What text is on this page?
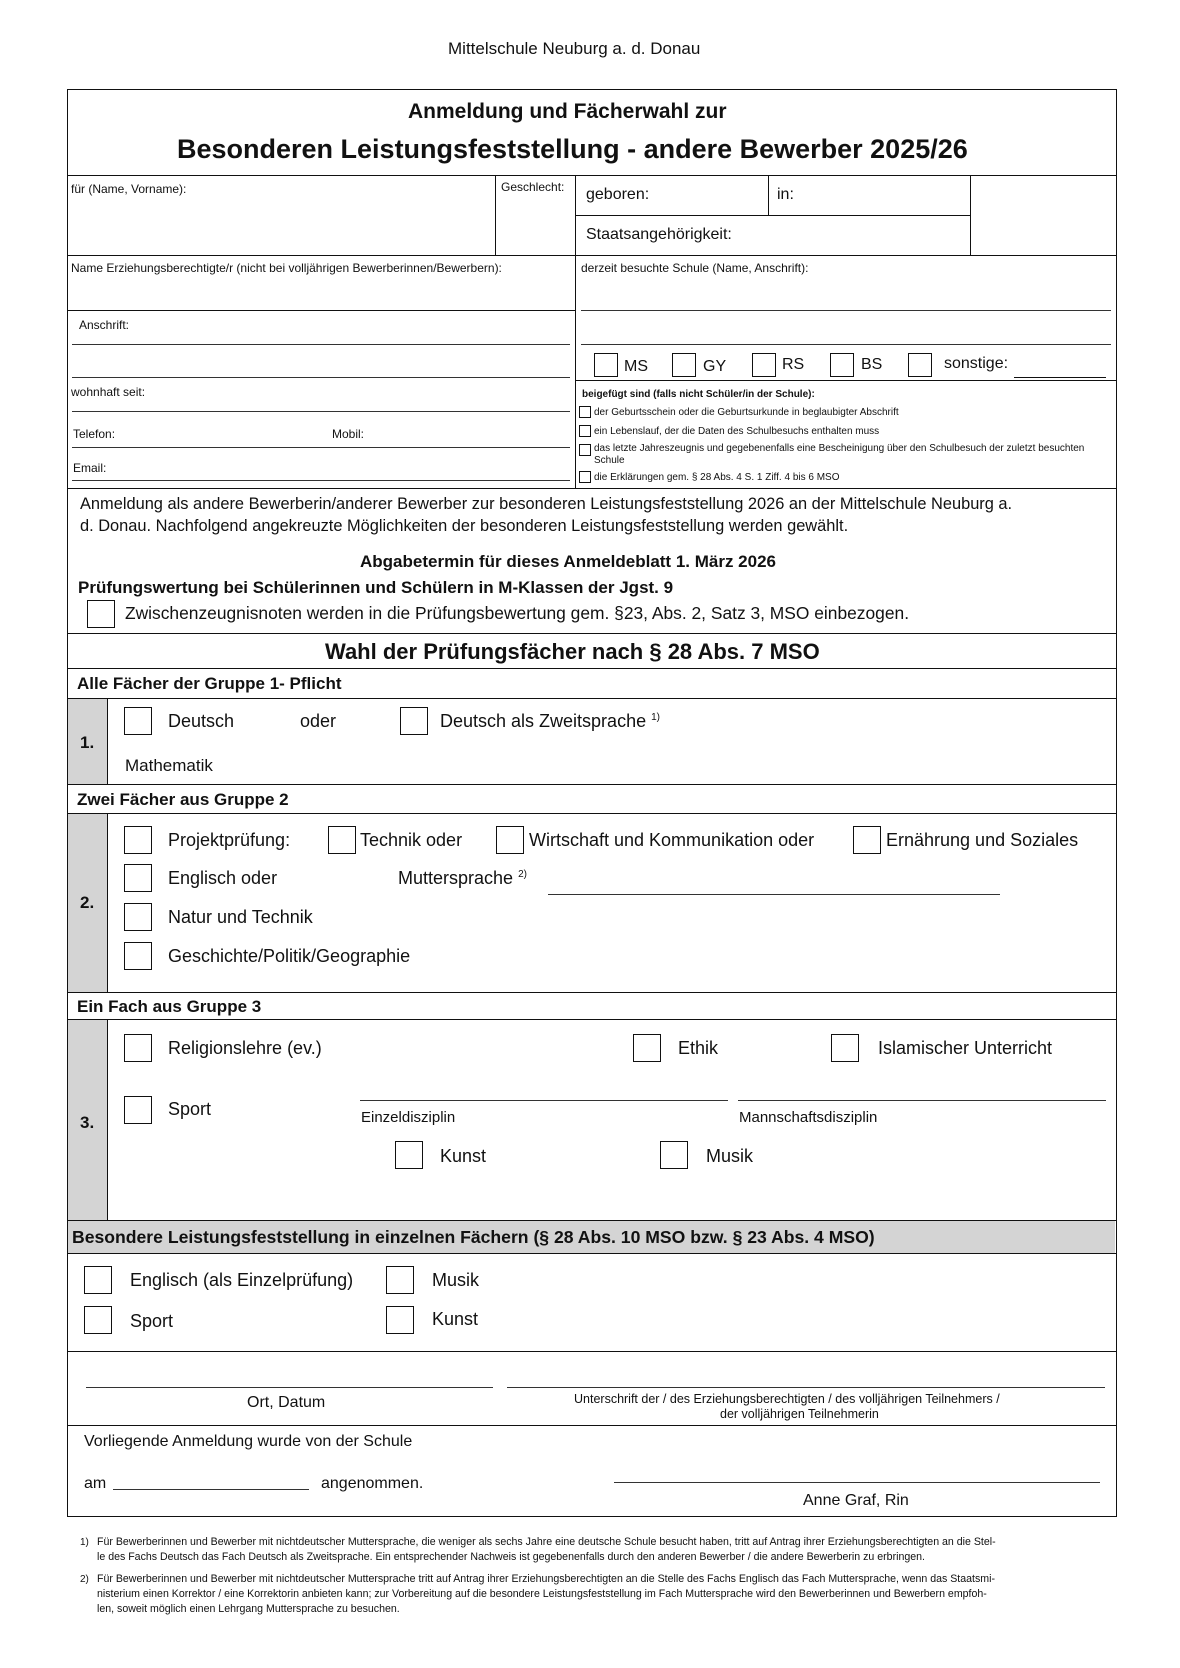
Mittelschule Neuburg a. d. Donau
Anmeldung und Fächerwahl zur
Besonderen Leistungsfeststellung - andere Bewerber 2025/26
für (Name, Vorname):	Geschlecht: geboren:	in:
Staatsangehörigkeit:
Name Erziehungsberechtigte/r (nicht bei volljährigen Bewerberinnen/Bewerbern):
Anschrift:
wohnhaft seit:
Telefon:	Mobil:
Email:
derzeit besuchte Schule (Name, Anschrift):
MS	GY	RS	BS	sonstige:
beigefügt sind (falls nicht Schüler/in der Schule):
der Geburtsschein oder die Geburtsurkunde in beglaubigter Abschrift
ein Lebenslauf, der die Daten des Schulbesuchs enthalten muss
das letzte Jahreszeugnis und gegebenenfalls eine Bescheinigung über den Schulbesuch der zuletzt besuchten
Schule
die Erklärungen gem. § 28 Abs. 4 S. 1 Ziff. 4 bis 6 MSO
Anmeldung als andere Bewerberin/anderer Bewerber zur besonderen Leistungsfeststellung 2026 an der Mittelschule Neuburg a.
d. Donau. Nachfolgend angekreuzte Möglichkeiten der besonderen Leistungsfeststellung werden gewählt.
Abgabetermin für dieses Anmeldeblatt 1. März 2026
Prüfungswertung bei Schülerinnen und Schülern in M-Klassen der Jgst. 9
Zwischenzeugnisnoten werden in die Prüfungsbewertung gem. §23, Abs. 2, Satz 3, MSO einbezogen.
Wahl der Prüfungsfächer nach § 28 Abs. 7 MSO
Alle Fächer der Gruppe 1- Pflicht
1.
Deutsch	oder	Deutsch als Zweitsprache $^{1)}$
Mathematik
Zwei Fächer aus Gruppe 2
2.
Projektprüfung:	Technik oder	Wirtschaft und Kommunikation oder	Ernährung und Soziales
Englisch oder	Muttersprache $^{2)}$
Natur und Technik
Geschichte/Politik/Geographie
Ein Fach aus Gruppe 3
3.
Religionslehre (ev.)	Ethik	Islamischer Unterricht
Sport	Einzeldisziplin	Mannschaftsdisziplin
Kunst	Musik
Besondere Leistungsfeststellung in einzelnen Fächern (§ 28 Abs. 10 MSO bzw. § 23 Abs. 4 MSO)
Englisch (als Einzelprüfung)	Musik
Sport	Kunst
Ort, Datum	Unterschrift der / des Erziehungsberechtigten / des volljährigen Teilnehmers /
der volljährigen Teilnehmerin
Vorliegende Anmeldung wurde von der Schule
am	angenommen.
Anne Graf, Rin
1) Für Bewerberinnen und Bewerber mit nichtdeutscher Muttersprache, die weniger als sechs Jahre eine deutsche Schule besucht haben, tritt auf Antrag ihrer Erziehungsberechtigten an die Stel-
le des Fachs Deutsch das Fach Deutsch als Zweitsprache. Ein entsprechender Nachweis ist gegebenenfalls durch den anderen Bewerber / die andere Bewerberin zu erbringen.
2) Für Bewerberinnen und Bewerber mit nichtdeutscher Muttersprache tritt auf Antrag ihrer Erziehungsberechtigten an die Stelle des Fachs Englisch das Fach Muttersprache, wenn das Staatsmi-
nisterium einen Korrektor / eine Korrektorin anbieten kann; zur Vorbereitung auf die besondere Leistungsfeststellung im Fach Muttersprache wird den Bewerberinnen und Bewerbern empfoh-
len, soweit möglich einen Lehrgang Muttersprache zu besuchen.
